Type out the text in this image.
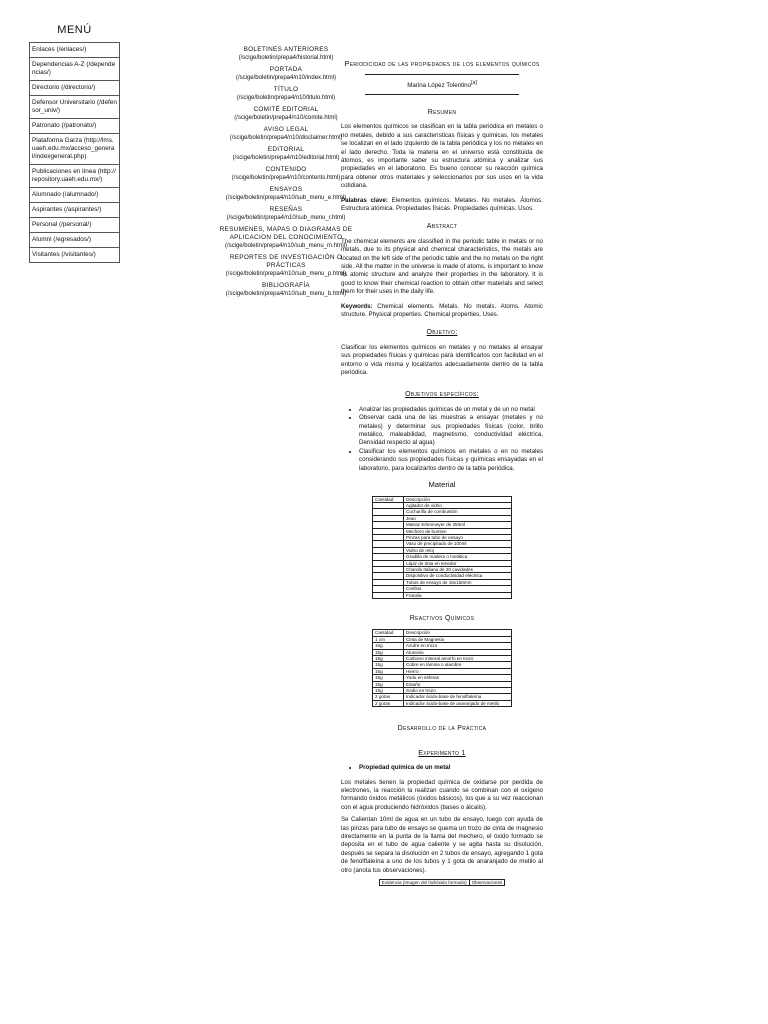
MENÚ
Enlaces (/enlaces/)
Dependencias A-Z (/dependencias/)
Directorio (/directorio/)
Defensor Universitario (/defensor_univ/)
Patronato (/patronato/)
Plataforma Garza (http://lms.uaeh.edu.mx/acceso_general/indexgeneral.php)
Publicaciones en línea (http://repository.uaeh.edu.mx/)
Alumnado (/alumnado/)
Aspirantes (/aspirantes/)
Personal (/personal/)
Alumni (/egresados/)
Visitantes (/visitantes/)
BOLETINES ANTERIORES
(/scige/boletin/prepa4/historial.html)
PORTADA
(/scige/boletin/prepa4/n10/index.html)
TÍTULO
(/scige/boletin/prepa4/n10/titulo.html)
COMITÉ EDITORIAL
(/scige/boletin/prepa4/n10/comite.html)
AVISO LEGAL
(/scige/boletin/prepa4/n10/disclaimer.html)
EDITORIAL
(/scige/boletin/prepa4/n10/editorial.html)
CONTENIDO
(/scige/boletin/prepa4/n10/contents.html)
ENSAYOS
(/scige/boletin/prepa4/n10/sub_menu_e.html)
RESEÑAS
(/scige/boletin/prepa4/n10/sub_menu_r.html)
RESUMENES, MAPAS O DIAGRAMAS DE APLICACION DEL CONOCIMIENTO
(/scige/boletin/prepa4/n10/sub_menu_m.html)
REPORTES DE INVESTIGACIÓN O PRÁCTICAS
(/scige/boletin/prepa4/n10/sub_menu_p.html)
BIBLIOGRAFÍA
(/scige/boletin/prepa4/n10/sub_menu_b.html)
Periodicidad de las propiedades de los elementos químicos
Marina López Tolentino[a]
Resumen

Los elementos químicos se clasifican en la tabla periódica en metales o no metales, debido a sus características físicas y químicas, los metales se localizan en el lado izquierdo de la tabla periódica y los no metales en el lado derecho. Toda la materia en el universo está constituida de átomos, es importante saber su estructura atómica y analizar sus propiedades en el laboratorio. Es bueno conocer su reacción química para obtener otros materiales y seleccionarlos por sus usos en la vida cotidiana.

Palabras clave: Elementos químicos. Metales. No metales. Átomos. Estructura atómica. Propiedades físicas. Propiedades químicas. Usos.

Abstract

The chemical elements are classified in the periodic table in metals or no metals, due to its physical and chemical characteristics, the metals are located on the left side of the periodic table and the no metals on the right side. All the matter in the universe is made of atoms, is important to know its atomic structure and analyze their properties in the laboratory. It is good to know their chemical reaction to obtain other materials and select them for their uses in the daily life.

Keywords: Chemical elements. Metals. No metals. Atoms. Atomic structure. Physical properties. Chemical properties. Uses.

Objetivo:

Clasificar los elementos químicos en metales y no metales al ensayar sus propiedades físicas y químicas para identificarlos con facilidad en el entorno o vida misma y localizarlos adecuadamente dentro de la tabla periódica.

Objetivos específicos:
• Analizar las propiedades químicas de un metal y de un no metal
• Observar cada una de las muestras a ensayar (metales y no metales) y determinar sus propiedades físicas (color, brillo metálico, maleabilidad, magnetismo, conductividad eléctrica, Densidad respecto al agua)
• Clasificar los elementos químicos en metales o en no metales considerando sus propiedades físicas y químicas ensayadas en el laboratorio, para localizarlos dentro de la tabla periódica.
Material
Cantidad	Descripción
	Agitador de vidrio
	Cucharilla de combustión
	Jean
	Matraz Erlenmeyer de 250ml
	Mechero de bunsen
	Pinzas para tubo de ensayo
	Vaso de precipitado de 100ml
	Vidrio de reloj
	Gradilla de madera o metálica
	Lápiz de tinta en tenedor
	Charola Italiana de 20 cavidades
	Dispositivo de conductividad eléctrica
	Tubos de ensayo de 18x150mm
	Cerillos
	Franela
Reactivos Químicos
Cantidad	Descripción
1 cm	Cinta de Magnesio
15g	Azufre en trozo
15g	Aluminio
15g	Carbono mineral amorfo en trozo
15g	Cobre en lámina o alambre
15g	Hierro
15g	Yodo en esferas
15g	Estaño
15g	Sodio en trozo
2 gotas	Indicador ácido-base de fenolftaleína
2 gotas	Indicador ácido-base de anaranjado de metilo
Desarrollo de la Práctica
Experimento 1
• Propiedad química de un metal

Los metales tienen la propiedad química de oxidarse por perdida de electrones, la reacción la realizan cuando se combinan con el oxígeno formando óxidos metálicos (óxidos básicos), los que a su vez reaccionan con el agua produciendo hidróxidos (bases o álcalis).

Se Calientan 10ml de agua en un tubo de ensayo, luego con ayuda de las pinzas para tubo de ensayo se quema un trozo de cinta de magnesio directamente en la punta de la llama del mechero, el óxido formado se deposita en el tubo de agua caliente y se agita hasta su disolución, después se separa la disolución en 2 tubos de ensayo, agregando 1 gota de fenolftaleína a uno de los tubos y 1 gota de anaranjado de metilo al otro (anota tus observaciones).

Evidencia (Imagen del hidróxido formado)	Observaciones
